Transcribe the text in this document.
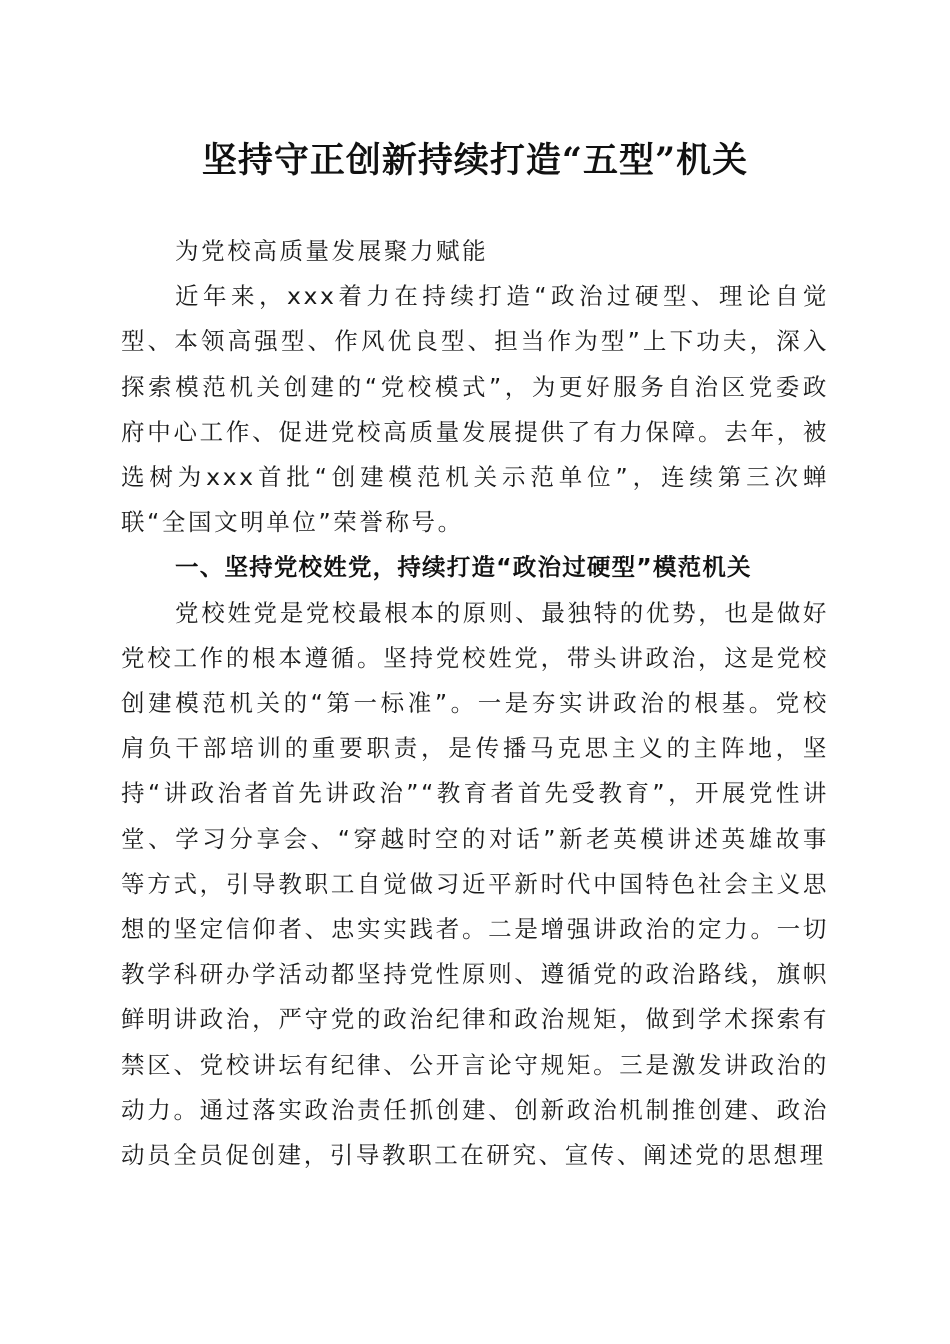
坚持守正创新持续打造“五型”机关

为党校高质量发展聚力赋能

近年来，xxx着力在持续打造“政治过硬型、理论自觉型、本领高强型、作风优良型、担当作为型”上下功夫，深入探索模范机关创建的“党校模式”，为更好服务自治区党委政府中心工作、促进党校高质量发展提供了有力保障。去年，被选树为xxx首批“创建模范机关示范单位”，连续第三次蝉联“全国文明单位”荣誉称号。

一、坚持党校姓党，持续打造“政治过硬型”模范机关

党校姓党是党校最根本的原则、最独特的优势，也是做好党校工作的根本遵循。坚持党校姓党，带头讲政治，这是党校创建模范机关的“第一标准”。一是夯实讲政治的根基。党校肩负干部培训的重要职责，是传播马克思主义的主阵地，坚持“讲政治者首先讲政治”“教育者首先受教育”，开展党性讲堂、学习分享会、“穿越时空的对话”新老英模讲述英雄故事等方式，引导教职工自觉做习近平新时代中国特色社会主义思想的坚定信仰者、忠实实践者。二是增强讲政治的定力。一切教学科研办学活动都坚持党性原则、遵循党的政治路线，旗帜鲜明讲政治，严守党的政治纪律和政治规矩，做到学术探索有禁区、党校讲坛有纪律、公开言论守规矩。三是激发讲政治的动力。通过落实政治责任抓创建、创新政治机制推创建、政治动员全员促创建，引导教职工在研究、宣传、阐述党的思想理
